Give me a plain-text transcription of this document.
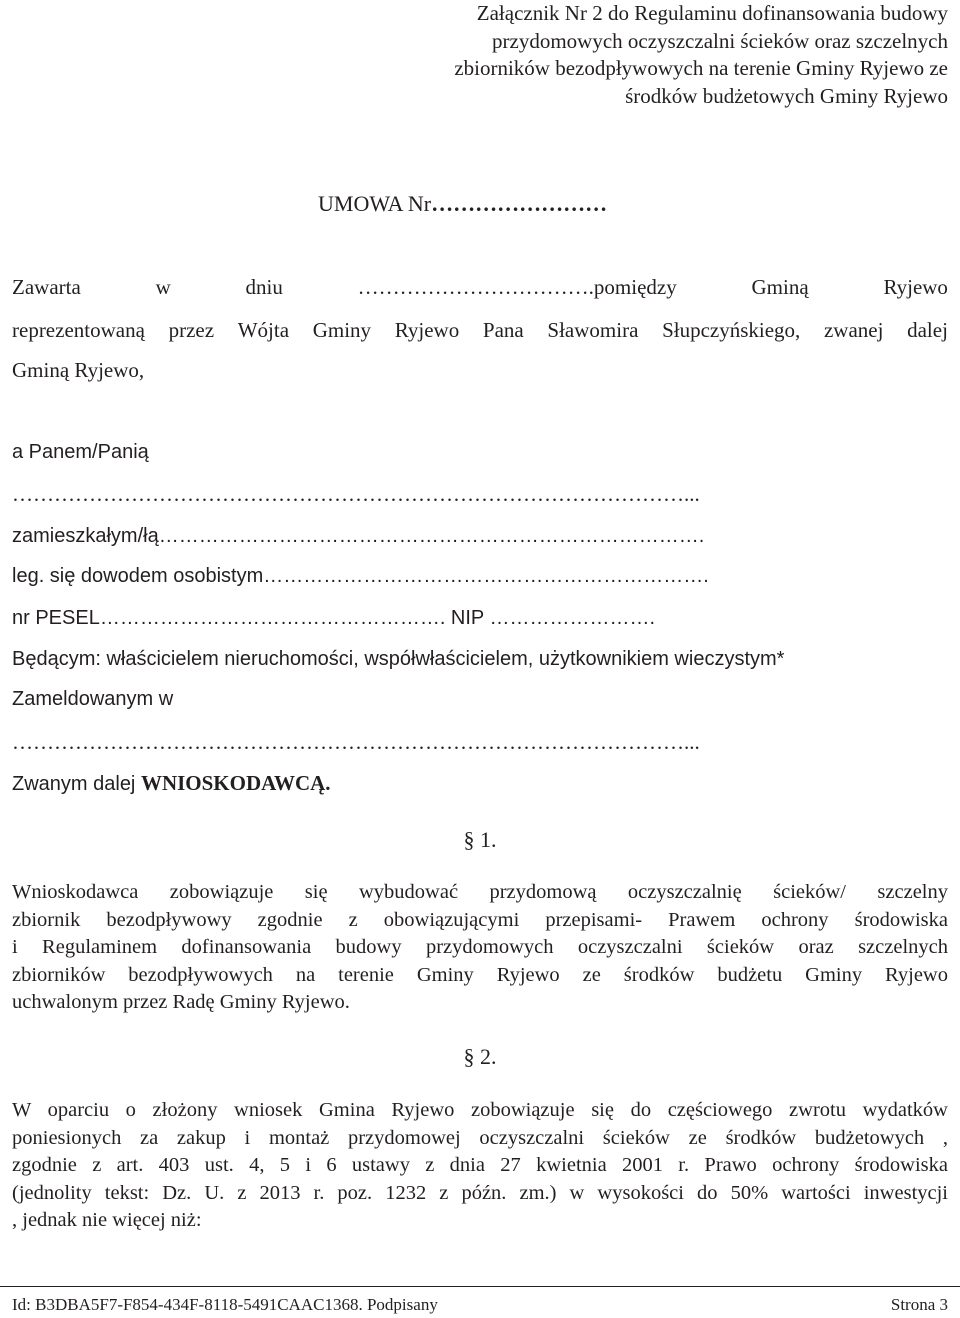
Załącznik Nr 2 do Regulaminu dofinansowania budowy
przydomowych oczyszczalni ścieków oraz szczelnych
zbiorników bezodpływowych na terenie Gminy Ryjewo ze
środków budżetowych Gminy Ryjewo
UMOWA Nr……………………
Zawarta	w	dniu	…………………………….pomiędzy	Gminą	Ryjewo
reprezentowaną przez Wójta Gminy Ryjewo Pana Sławomira Słupczyńskiego, zwanej dalej
Gminą Ryjewo,
a Panem/Panią
……………………………………………………………………………………...
zamieszkałym/łą……………………………………………………………………….
leg. się dowodem osobistym………………………………………………………….
nr PESEL……………………………………………. NIP …………………….
Będącym: właścicielem nieruchomości, współwłaścicielem, użytkownikiem wieczystym*
Zameldowanym w
……………………………………………………………………………………...
Zwanym dalej WNIOSKODAWCĄ.
§ 1.
Wnioskodawca zobowiązuje się wybudować przydomową oczyszczalnię ścieków/ szczelny
zbiornik bezodpływowy zgodnie z obowiązującymi przepisami- Prawem ochrony środowiska
i Regulaminem dofinansowania budowy przydomowych oczyszczalni ścieków oraz szczelnych
zbiorników bezodpływowych na terenie Gminy Ryjewo ze środków budżetu Gminy Ryjewo
uchwalonym przez Radę Gminy Ryjewo.
§ 2.
W oparciu o złożony wniosek Gmina Ryjewo zobowiązuje się do częściowego zwrotu wydatków
poniesionych za zakup i montaż przydomowej oczyszczalni ścieków ze środków budżetowych ,
zgodnie z art. 403 ust. 4, 5 i 6 ustawy z dnia 27 kwietnia 2001 r. Prawo ochrony środowiska
(jednolity tekst: Dz. U. z 2013 r. poz. 1232 z późn. zm.) w wysokości do 50% wartości inwestycji
, jednak nie więcej niż:
Id: B3DBA5F7-F854-434F-8118-5491CAAC1368. Podpisany	Strona 3
